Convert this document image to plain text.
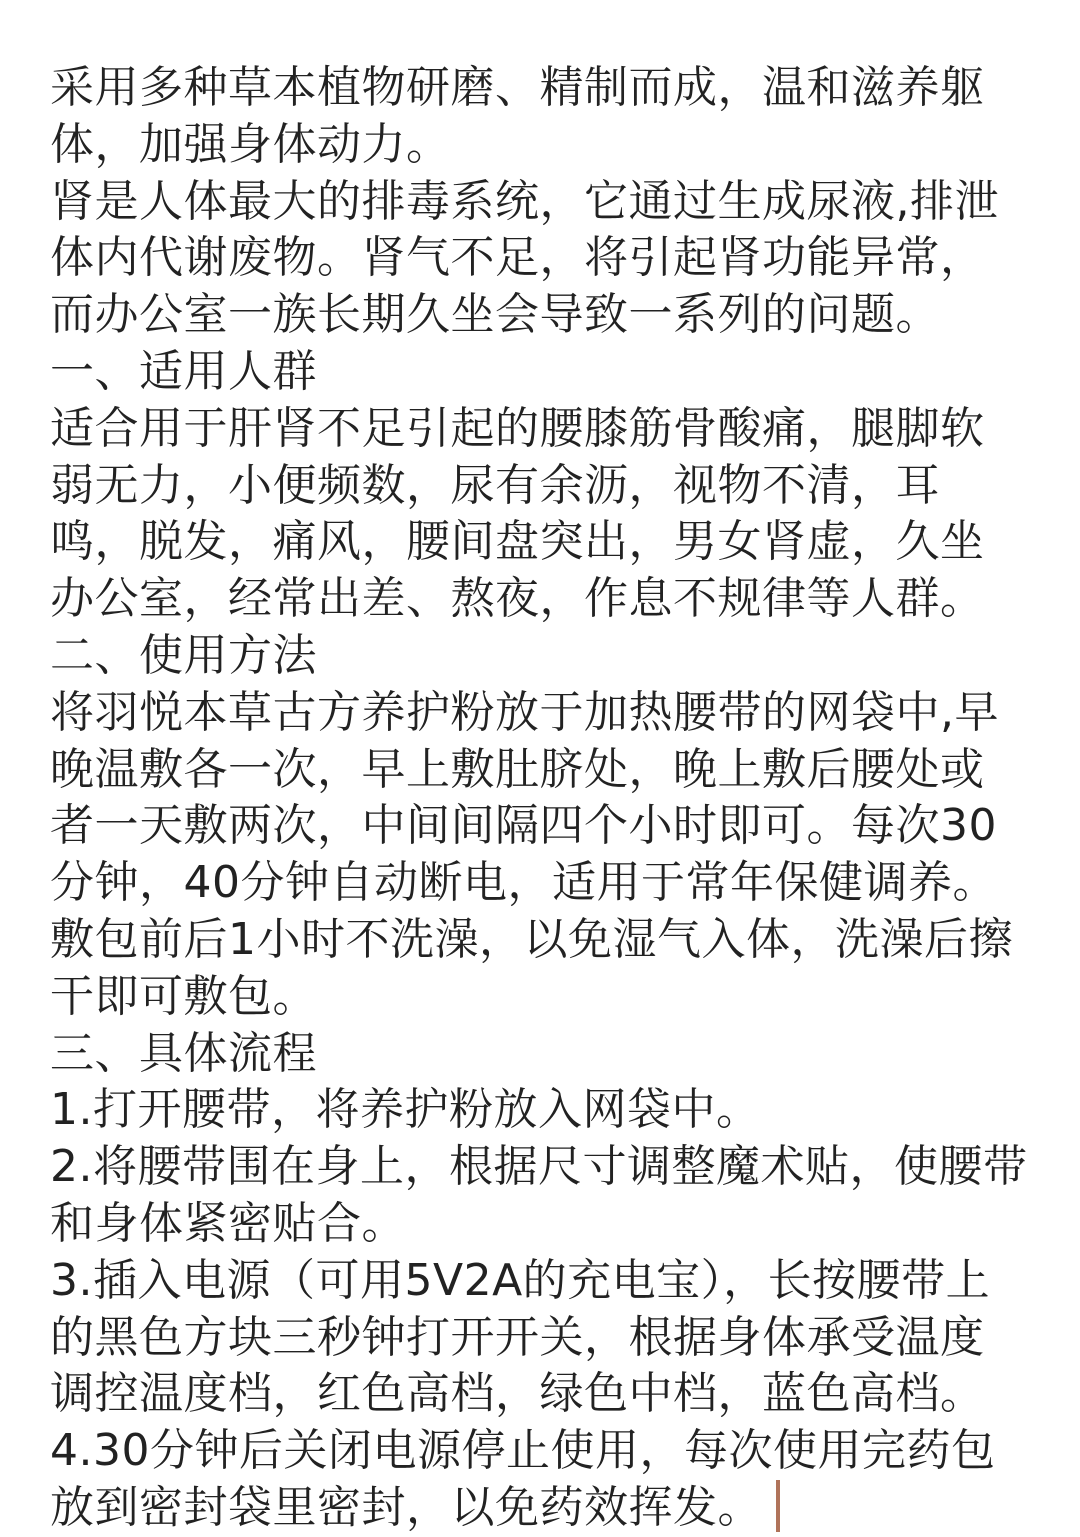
采用多种草本植物研磨、精制而成，温和滋养躯
体，加强身体动力。
肾是人体最大的排毒系统，它通过生成尿液,排泄
体内代谢废物。肾气不足，将引起肾功能异常，
而办公室一族长期久坐会导致一系列的问题。
一、适用人群
适合用于肝肾不足引起的腰膝筋骨酸痛，腿脚软
弱无力，小便频数，尿有余沥，视物不清，耳
鸣，脱发，痛风，腰间盘突出，男女肾虚，久坐
办公室，经常出差、熬夜，作息不规律等人群。
二、使用方法
将羽悦本草古方养护粉放于加热腰带的网袋中,早
晚温敷各一次，早上敷肚脐处，晚上敷后腰处或
者一天敷两次，中间间隔四个小时即可。每次30
分钟，40分钟自动断电，适用于常年保健调养。
敷包前后1小时不洗澡，以免湿气入体，洗澡后擦
干即可敷包。
三、具体流程
1.打开腰带，将养护粉放入网袋中。
2.将腰带围在身上，根据尺寸调整魔术贴，使腰带
和身体紧密贴合。
3.插入电源（可用5V2A的充电宝），长按腰带上
的黑色方块三秒钟打开开关，根据身体承受温度
调控温度档，红色高档，绿色中档，蓝色高档。
4.30分钟后关闭电源停止使用，每次使用完药包
放到密封袋里密封，以免药效挥发。
